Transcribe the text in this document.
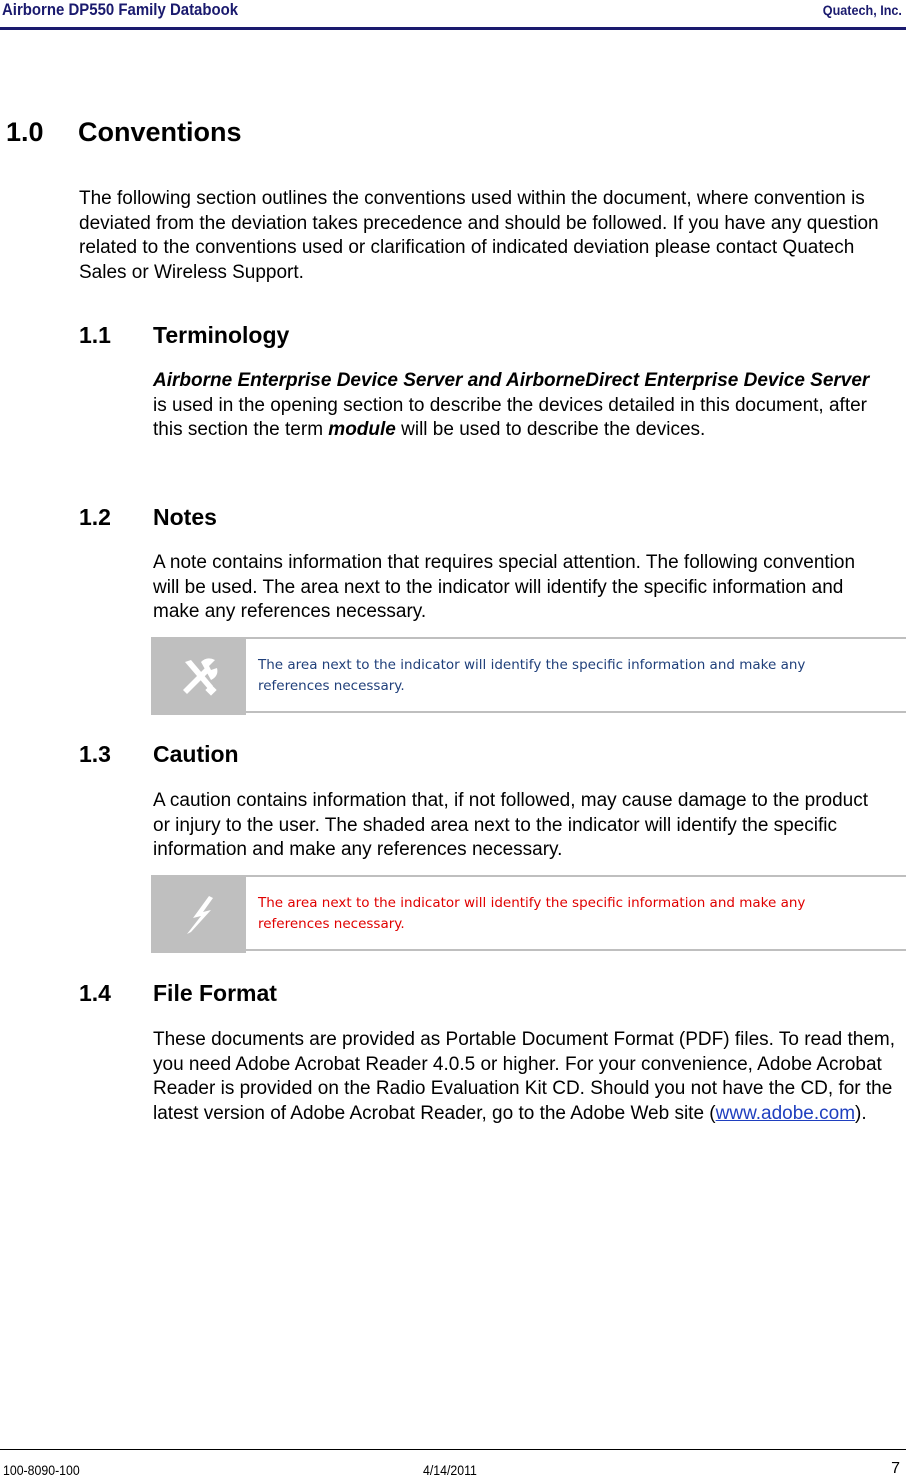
Airborne DP550 Family Databook	Quatech, Inc.
1.0 Conventions

The following section outlines the conventions used within the document, where convention is deviated from the deviation takes precedence and should be followed. If you have any question related to the conventions used or clarification of indicated deviation please contact Quatech Sales or Wireless Support.

1.1 Terminology

Airborne Enterprise Device Server and AirborneDirect Enterprise Device Server is used in the opening section to describe the devices detailed in this document, after this section the term module will be used to describe the devices.

1.2 Notes

A note contains information that requires special attention. The following convention will be used. The area next to the indicator will identify the specific information and make any references necessary.

The area next to the indicator will identify the specific information and make any references necessary.
1.3 Caution

A caution contains information that, if not followed, may cause damage to the product or injury to the user. The shaded area next to the indicator will identify the specific information and make any references necessary.

The area next to the indicator will identify the specific information and make any references necessary.
1.4 File Format

These documents are provided as Portable Document Format (PDF) files. To read them, you need Adobe Acrobat Reader 4.0.5 or higher. For your convenience, Adobe Acrobat Reader is provided on the Radio Evaluation Kit CD. Should you not have the CD, for the latest version of Adobe Acrobat Reader, go to the Adobe Web site (www.adobe.com).

100-8090-100	4/14/2011	7
